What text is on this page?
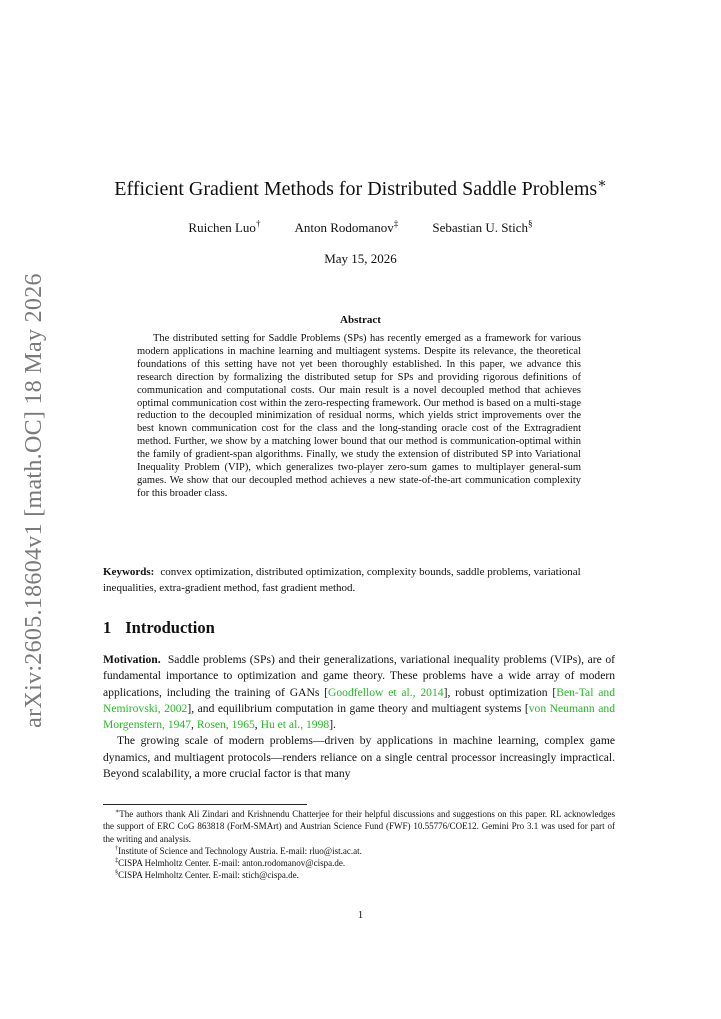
arXiv:2605.18604v1 [math.OC] 18 May 2026
Efficient Gradient Methods for Distributed Saddle Problems∗
Ruichen Luo†	Anton Rodomanov‡	Sebastian U. Stich§
May 15, 2026
Abstract

The distributed setting for Saddle Problems (SPs) has recently emerged as a framework for various modern applications in machine learning and multiagent systems. Despite its relevance, the theoretical foundations of this setting have not yet been thoroughly established. In this paper, we advance this research direction by formalizing the distributed setup for SPs and providing rigorous definitions of communication and computational costs. Our main result is a novel decoupled method that achieves optimal communication cost within the zero-respecting framework. Our method is based on a multi-stage reduction to the decoupled minimization of residual norms, which yields strict improvements over the best known communication cost for the class and the long-standing oracle cost of the Extragradient method. Further, we show by a matching lower bound that our method is communication-optimal within the family of gradient-span algorithms. Finally, we study the extension of distributed SP into Variational Inequality Problem (VIP), which generalizes two-player zero-sum games to multiplayer general-sum games. We show that our decoupled method achieves a new state-of-the-art communication complexity for this broader class.

Keywords: convex optimization, distributed optimization, complexity bounds, saddle problems, variational inequalities, extra-gradient method, fast gradient method.

1 Introduction

Motivation. Saddle problems (SPs) and their generalizations, variational inequality problems (VIPs), are of fundamental importance to optimization and game theory. These problems have a wide array of modern applications, including the training of GANs [Goodfellow et al., 2014], robust optimization [Ben-Tal and Nemirovski, 2002], and equilibrium computation in game theory and multiagent systems [von Neumann and Morgenstern, 1947, Rosen, 1965, Hu et al., 1998].

The growing scale of modern problems—driven by applications in machine learning, complex game dynamics, and multiagent protocols—renders reliance on a single central processor increasingly impractical. Beyond scalability, a more crucial factor is that many

∗The authors thank Ali Zindari and Krishnendu Chatterjee for their helpful discussions and suggestions on this paper. RL acknowledges the support of ERC CoG 863818 (ForM-SMArt) and Austrian Science Fund (FWF) 10.55776/COE12. Gemini Pro 3.1 was used for part of the writing and analysis.
†Institute of Science and Technology Austria. E-mail: rluo@ist.ac.at.
‡CISPA Helmholtz Center. E-mail: anton.rodomanov@cispa.de.
§CISPA Helmholtz Center. E-mail: stich@cispa.de.
1
